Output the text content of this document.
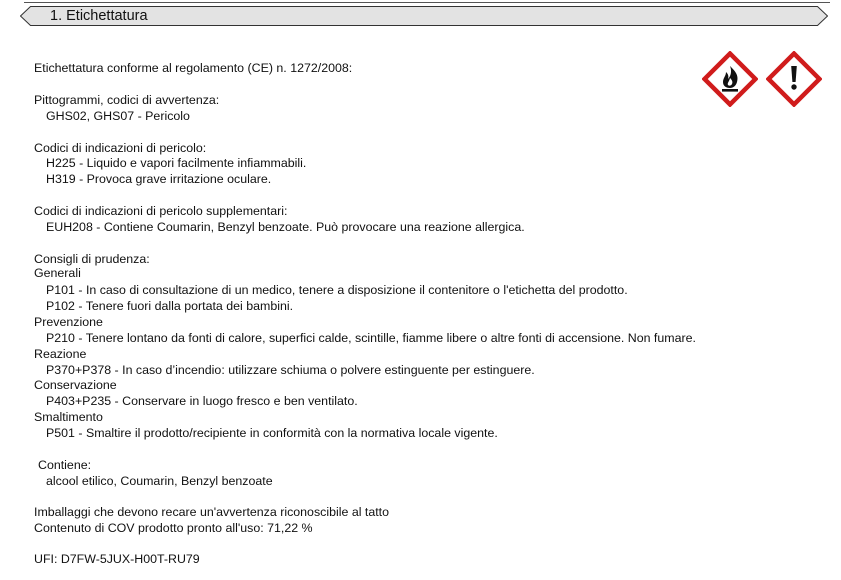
1. Etichettatura
Etichettatura conforme al regolamento (CE) n. 1272/2008:
Pittogrammi, codici di avvertenza:
GHS02, GHS07 - Pericolo
Codici di indicazioni di pericolo:
H225 - Liquido e vapori facilmente infiammabili.
H319 - Provoca grave irritazione oculare.
Codici di indicazioni di pericolo supplementari:
EUH208 - Contiene Coumarin, Benzyl benzoate. Può provocare una reazione allergica.
Consigli di prudenza:
Generali
P101 - In caso di consultazione di un medico, tenere a disposizione il contenitore o l'etichetta del prodotto.
P102 - Tenere fuori dalla portata dei bambini.
Prevenzione
P210 - Tenere lontano da fonti di calore, superfici calde, scintille, fiamme libere o altre fonti di accensione. Non fumare.
Reazione
P370+P378 - In caso d’incendio: utilizzare schiuma o polvere estinguente per estinguere.
Conservazione
P403+P235 - Conservare in luogo fresco e ben ventilato.
Smaltimento
P501 - Smaltire il prodotto/recipiente in conformità con la normativa locale vigente.
Contiene:
alcool etilico, Coumarin, Benzyl benzoate
Imballaggi che devono recare un'avvertenza riconoscibile al tatto
Contenuto di COV prodotto pronto all'uso: 71,22 %
UFI: D7FW-5JUX-H00T-RU79
